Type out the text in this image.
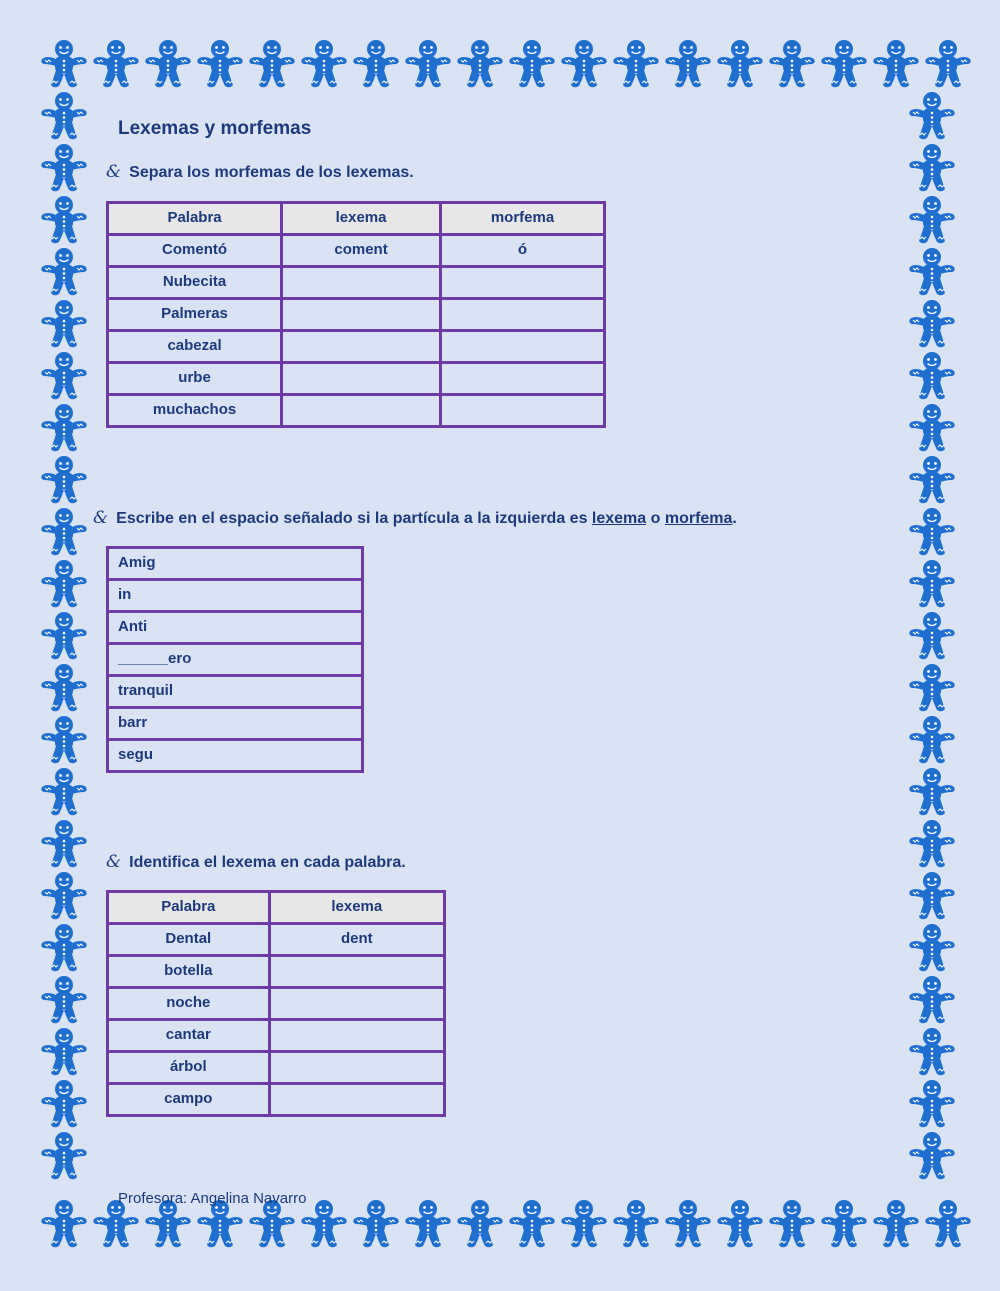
Lexemas y morfemas
& Separa los morfemas de los lexemas.
Palabra	lexema	morfema
Comentó	coment	ó
Nubecita		
Palmeras		
cabezal		
urbe		
muchachos		
& Escribe en el espacio señalado si la partícula a la izquierda es lexema o morfema.
Amig
in
Anti
______ero
tranquil
barr
segu
& Identifica el lexema en cada palabra.
Palabra	lexema
Dental	dent
botella	
noche	
cantar	
árbol	
campo	
Profesora: Angelina Navarro
